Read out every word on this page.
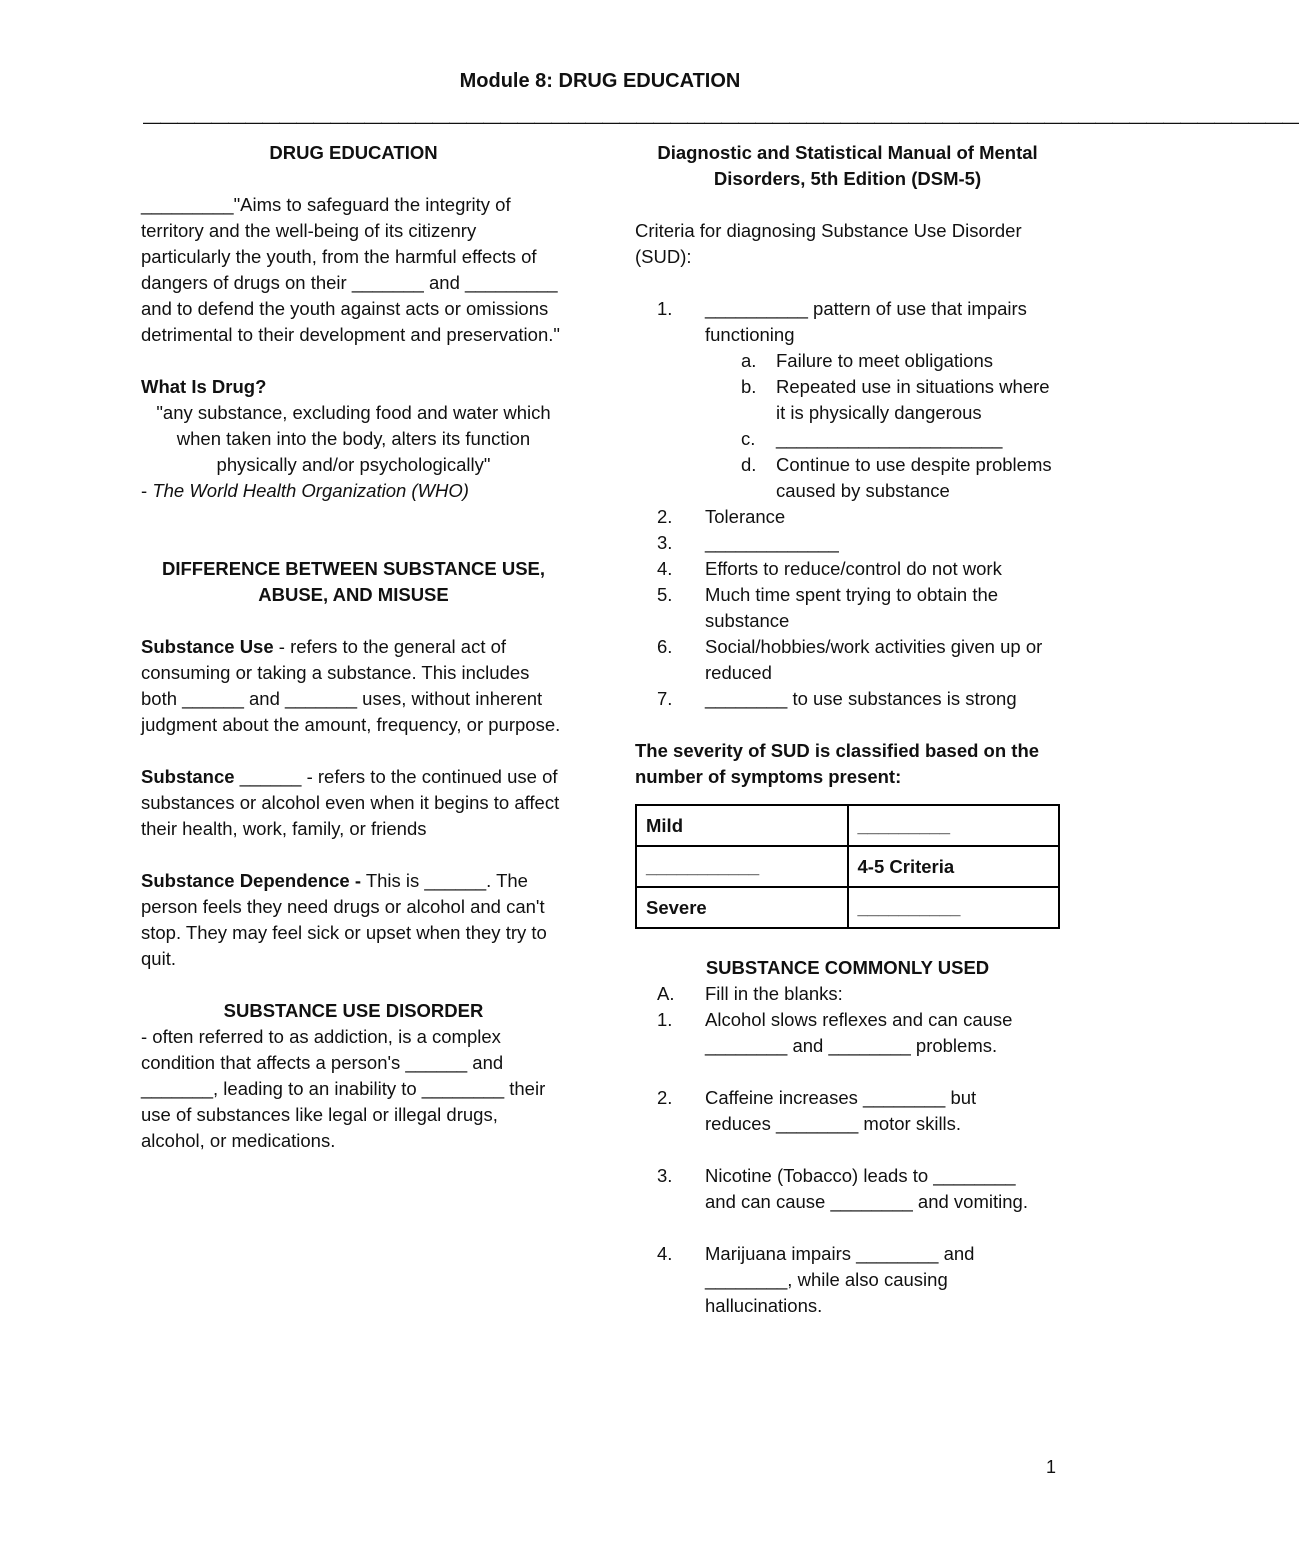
Module 8: DRUG EDUCATION
————————————————————————————————————————————————————————————————————

DRUG EDUCATION

_________"Aims to safeguard the integrity of territory and the well-being of its citizenry particularly the youth, from the harmful effects of dangers of drugs on their _______ and _________ and to defend the youth against acts or omissions detrimental to their development and preservation."

What Is Drug?

"any substance, excluding food and water which when taken into the body, alters its function physically and/or psychologically"

- The World Health Organization (WHO)

DIFFERENCE BETWEEN SUBSTANCE USE, ABUSE, AND MISUSE

Substance Use - refers to the general act of consuming or taking a substance. This includes both ______ and _______ uses, without inherent judgment about the amount, frequency, or purpose.

Substance ______ - refers to the continued use of substances or alcohol even when it begins to affect their health, work, family, or friends

Substance Dependence - This is ______. The person feels they need drugs or alcohol and can't stop. They may feel sick or upset when they try to quit.

SUBSTANCE USE DISORDER

- often referred to as addiction, is a complex condition that affects a person's ______ and _______, leading to an inability to ________ their use of substances like legal or illegal drugs, alcohol, or medications.

Diagnostic and Statistical Manual of Mental Disorders, 5th Edition (DSM-5)

Criteria for diagnosing Substance Use Disorder (SUD):

1.	__________ pattern of use that impairs functioning
a.	Failure to meet obligations
b.	Repeated use in situations where it is physically dangerous
c.	______________________
d.	Continue to use despite problems caused by substance
2.	Tolerance
3.	_____________
4.	Efforts to reduce/control do not work
5.	Much time spent trying to obtain the substance
6.	Social/hobbies/work activities given up or reduced
7.	________ to use substances is strong

The severity of SUD is classified based on the number of symptoms present:

Mild	_________
___________	4-5 Criteria
Severe	__________

SUBSTANCE COMMONLY USED

A.	Fill in the blanks:
1.	Alcohol slows reflexes and can cause
________ and ________ problems.
2.	Caffeine increases ________ but
reduces ________ motor skills.
3.	Nicotine (Tobacco) leads to ________
and can cause ________ and vomiting.
4.	Marijuana impairs ________ and
________, while also causing
hallucinations.
1
